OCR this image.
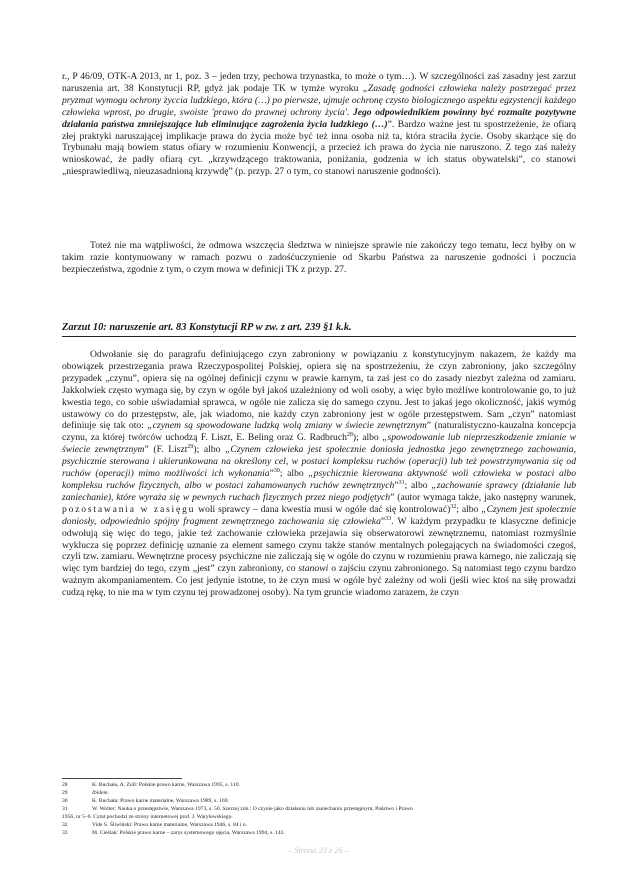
r., P 46/09, OTK-A 2013, nr 1, poz. 3 – jeden trzy, pechowa trzynastka, to może o tym…). W szczególności zaś zasadny jest zarzut naruszenia art. 38 Konstytucji RP, gdyż jak podaje TK w tymże wyroku „Zasadę godności człowieka należy postrzegać przez pryzmat wymogu ochrony życcia ludzkiego, która (…) po pierwsze, ujmuje ochronę czysto biologicznego aspektu egzystencji każdego człowieka wprost, po drugie, swoiste 'prawo do prawnej ochrony życia'. Jego odpowiednikiem powinny być rozmaite pozytywne działania państwa zmniejszające lub eliminujące zagrożenia życia ludzkiego (…)”. Bardzo ważne jest tu spostrzeżenie, że ofiarą złej praktyki naruszającej implikacje prawa do życia może być też inna osoba niż ta, która straciła życie. Osoby skarżące się do Trybunału mają bowiem status ofiary w rozumieniu Konwencji, a przecież ich prawa do życia nie naruszono. Z tego zaś należy wnioskować, że padły ofiarą cyt. „krzywdzącego traktowania, poniżania, godzenia w ich status obywatelski”, co stanowi „niesprawiedliwą, nieuzasadnioną krzywdę” (p. przyp. 27 o tym, co stanowi naruszenie godności).

Toteż nie ma wątpliwości, że odmowa wszczęcia śledztwa w niniejsze sprawie nie zakończy tego tematu, lecz byłby on w takim razie kontynuowany w ramach pozwu o zadośćuczynienie od Skarbu Państwa za naruszenie godności i poczucia bezpieczeństwa, zgodnie z tym, o czym mowa w definicji TK z przyp. 27.

Zarzut 10: naruszenie art. 83 Konstytucji RP w zw. z art. 239 §1 k.k.

Odwołanie się do paragrafu definiującego czyn zabroniony w powiązaniu z konstytucyjnym nakazem, że każdy ma obowiązek przestrzegania prawa Rzeczypospolitej Polskiej, opiera się na spostrzeżeniu, że czyn zabroniony, jako szczególny przypadek „czynu”, opiera się na ogólnej definicji czynu w prawie karnym, ta zaś jest co do zasady niezbyt zależna od zamiaru. Jakkolwiek często wymaga się, by czyn w ogóle był jakoś uzależniony od woli osoby, a więc było możliwe kontrolowanie go, to już kwestia tego, co sobie uświadamiał sprawca, w ogóle nie zalicza się do samego czynu. Jest to jakaś jego okoliczność, jakiś wymóg ustawowy co do przestępstw, ale, jak wiadomo, nie każdy czyn zabroniony jest w ogóle przestępstwem. Sam „czyn” natomiast definiuje się tak oto: „czynem są spowodowane ludzką wolą zmiany w świecie zewnętrznym” (naturalistyczno-kauzalna koncepcja czynu, za której twórców uchodzą F. Liszt, E. Beling oraz G. Radbruch$^{28}$); albo „spowodowanie lub nieprzeszkodzenie zmianie w świecie zewnętrznym” (F. Liszt$^{29}$); albo „Czynem człowieka jest społecznie doniosła jednostka jego zewnętrznego zachowania, psychicznie sterowana i ukierunkowana na określony cel, w postaci kompleksu ruchów (operacji) lub też powstrzymywania się od ruchów (operacji) mimo możliwości ich wykonania”$^{30}$; albo „psychicznie kierowana aktywność woli człowieka w postaci albo kompleksu ruchów fizycznych, albo w postaci zahamowanych ruchów zewnętrznych”$^{31}$; albo „zachowanie sprawcy (działanie lub zaniechanie), które wyraża się w pewnych ruchach fizycznych przez niego podjętych” (autor wymaga także, jako następny warunek, pozostawania w zasięgu woli sprawcy – dana kwestia musi w ogóle dać się kontrolować)$^{32}$; albo „Czynem jest społecznie doniosły, odpowiednio spójny fragment zewnętrznego zachowania się człowieka”$^{33}$. W każdym przypadku te klasyczne definicje odwołują się więc do tego, jakie też zachowanie człowieka przejawia się obserwatorowi zewnętrznemu, natomiast rozmyślnie wyklucza się poprzez definicję uznanie za element samego czynu także stanów mentalnych polegających na świadomości czegoś, czyli tzw. zamiaru. Wewnętrzne procesy psychiczne nie zaliczają się w ogóle do czynu w rozumieniu prawa karnego, nie zaliczają się więc tym bardziej do tego, czym „jest” czyn zabroniony, co stanowi o zajściu czynu zabronionego. Są natomiast tego czynu bardzo ważnym akompaniamentem. Co jest jedynie istotne, to że czyn musi w ogóle być zależny od woli (jeśli wiec ktoś na siłę prowadzi cudzą rękę, to nie ma w tym czynu tej prowadzonej osoby). Na tym gruncie wiadomo zarazem, że czyn

28	K. Buchała, A. Zoll: Polskie prawo karne, Warszawa 1995, s. 110.
29	Ibidem.
30	K. Buchała: Prawo karne materialne, Warszawa 1989, s. 169.
31	W. Wolter: Nauka o przestępstwie, Warszawa 1973, s. 50. Szerzej zob.: O czynie jako działaniu lub zaniechaniu przestępnym, Państwo i Prawo
1956, nr 5–6. Cytat pochodzi ze strony internetowej prof. J. Warylewskiego.
32	Vide S. Śliwiński: Prawo karne materialne, Warszawa 1946, s. 84 i n.
33	M. Cieślak: Polskie prawo karne – zarys systemowego ujęcia, Warszawa 1994, s. 143.
– Strona 23 z 26 –
